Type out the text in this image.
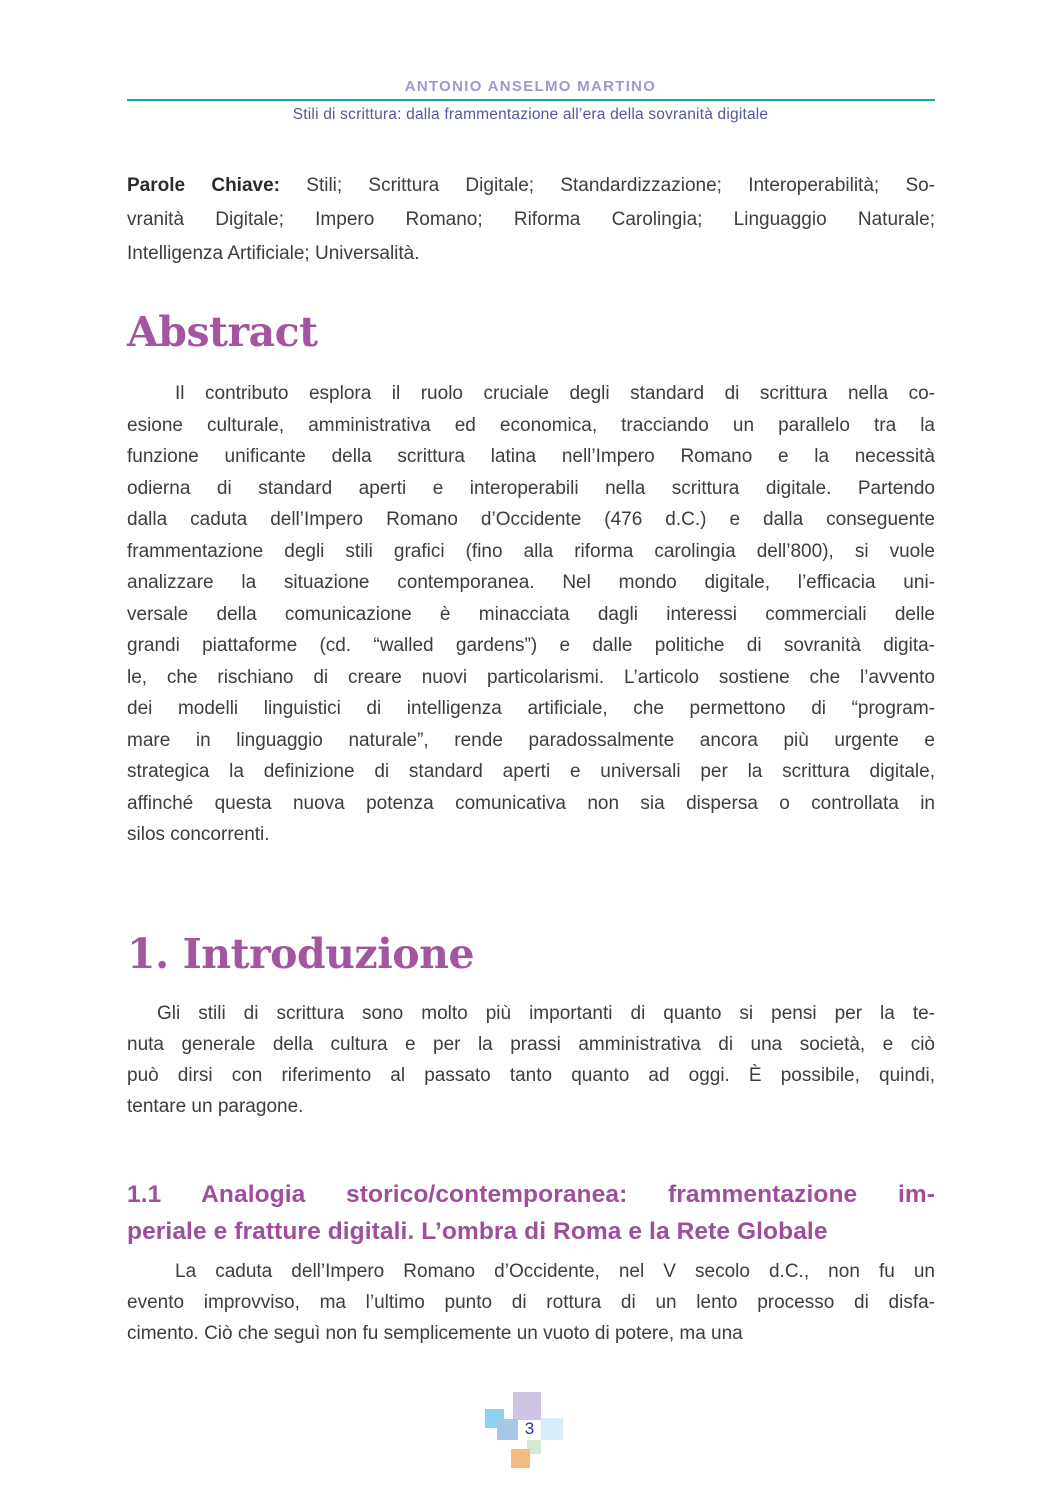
ANTONIO ANSELMO MARTINO
Stili di scrittura: dalla frammentazione all’era della sovranità digitale
Parole Chiave: Stili; Scrittura Digitale; Standardizzazione; Interoperabilità; So-
vranità Digitale; Impero Romano; Riforma Carolingia; Linguaggio Naturale;
Intelligenza Artificiale; Universalità.
Abstract
Il contributo esplora il ruolo cruciale degli standard di scrittura nella co-
esione culturale, amministrativa ed economica, tracciando un parallelo tra la
funzione unificante della scrittura latina nell’Impero Romano e la necessità
odierna di standard aperti e interoperabili nella scrittura digitale. Partendo
dalla caduta dell’Impero Romano d’Occidente (476 d.C.) e dalla conseguente
frammentazione degli stili grafici (fino alla riforma carolingia dell’800), si vuole
analizzare la situazione contemporanea. Nel mondo digitale, l’efficacia uni-
versale della comunicazione è minacciata dagli interessi commerciali delle
grandi piattaforme (cd. “walled gardens”) e dalle politiche di sovranità digita-
le, che rischiano di creare nuovi particolarismi. L’articolo sostiene che l’avvento
dei modelli linguistici di intelligenza artificiale, che permettono di “program-
mare in linguaggio naturale”, rende paradossalmente ancora più urgente e
strategica la definizione di standard aperti e universali per la scrittura digitale,
affinché questa nuova potenza comunicativa non sia dispersa o controllata in
silos concorrenti.
1. Introduzione
Gli stili di scrittura sono molto più importanti di quanto si pensi per la te-
nuta generale della cultura e per la prassi amministrativa di una società, e ciò
può dirsi con riferimento al passato tanto quanto ad oggi. È possibile, quindi,
tentare un paragone.
1.1 Analogia storico/contemporanea: frammentazione im-
periale e fratture digitali. L’ombra di Roma e la Rete Globale
La caduta dell’Impero Romano d’Occidente, nel V secolo d.C., non fu un
evento improvviso, ma l’ultimo punto di rottura di un lento processo di disfa-
cimento. Ciò che seguì non fu semplicemente un vuoto di potere, ma una
3
